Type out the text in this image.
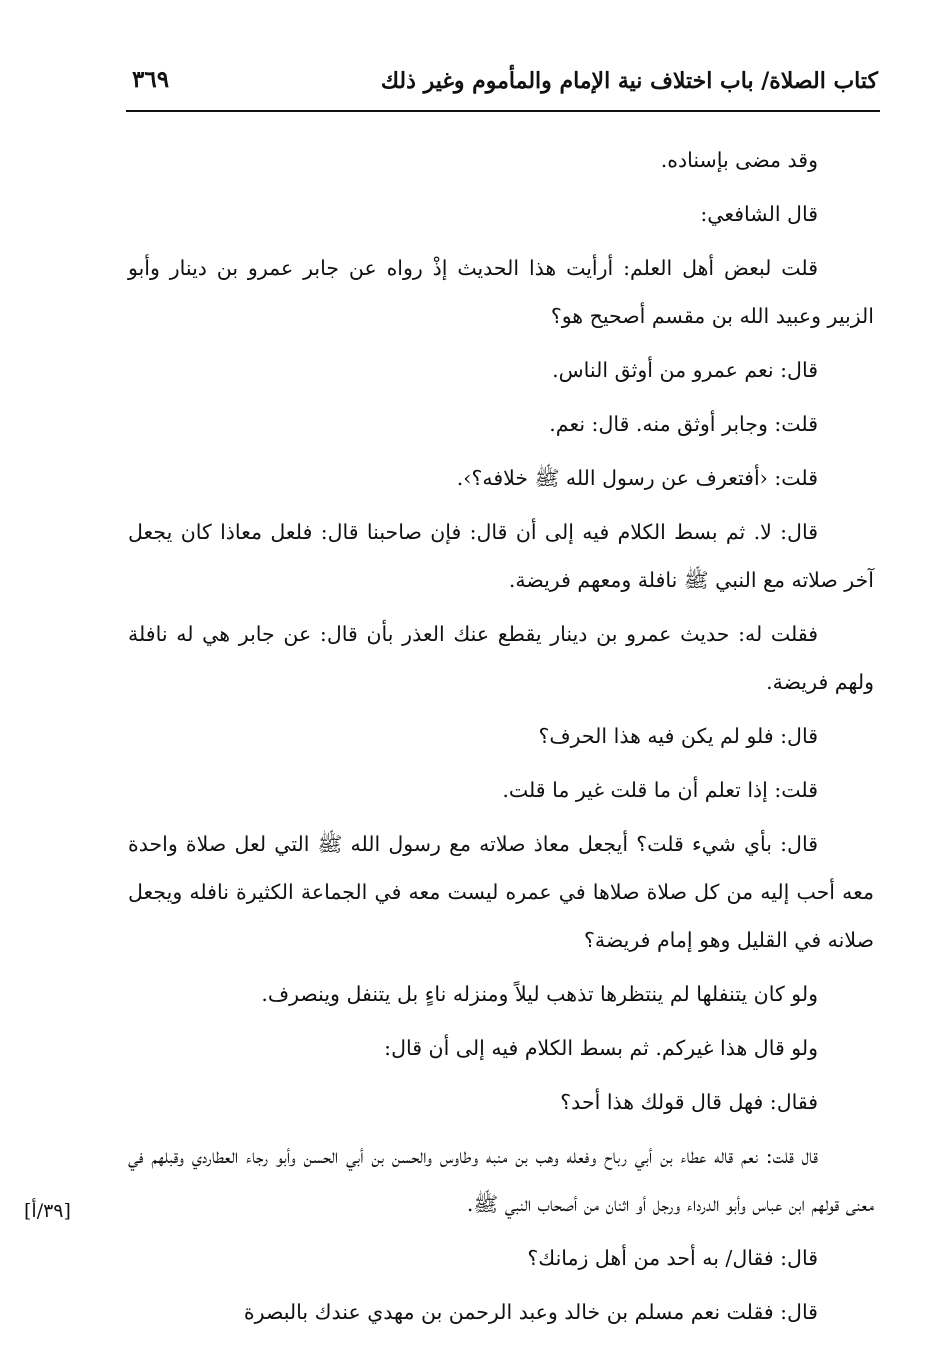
كتاب الصلاة/ باب اختلاف نية الإمام والمأموم وغير ذلك
٣٦٩

وقد مضى بإسناده.

قال الشافعي:

قلت لبعض أهل العلم: أرأيت هذا الحديث إذْ رواه عن جابر عمرو بن دينار وأبو الزبير وعبيد الله بن مقسم أصحيح هو؟

قال: نعم عمرو من أوثق الناس.

قلت: وجابر أوثق منه. قال: نعم.

قلت: ‹أفتعرف عن رسول الله ﷺ خلافه؟›.

قال: لا. ثم بسط الكلام فيه إلى أن قال: فإن صاحبنا قال: فلعل معاذا كان يجعل آخر صلاته مع النبي ﷺ نافلة ومعهم فريضة.

فقلت له: حديث عمرو بن دينار يقطع عنك العذر بأن قال: عن جابر هي له نافلة ولهم فريضة.

قال: فلو لم يكن فيه هذا الحرف؟

قلت: إذا تعلم أن ما قلت غير ما قلت.

قال: بأي شيء قلت؟ أيجعل معاذ صلاته مع رسول الله ﷺ التي لعل صلاة واحدة معه أحب إليه من كل صلاة صلاها في عمره ليست معه في الجماعة الكثيرة نافله ويجعل صلانه في القليل وهو إمام فريضة؟

ولو كان يتنفلها لم ينتظرها تذهب ليلاً ومنزله ناءٍ بل يتنفل وينصرف.

ولو قال هذا غيركم. ثم بسط الكلام فيه إلى أن قال:

فقال: فهل قال قولك هذا أحد؟

قال قلت: نعم قاله عطاء بن أبي رباح وفعله وهب بن منبه وطاوس والحسن بن أبي الحسن وأبو رجاء العطاردي وقبلهم في معنى قولهم ابن عباس وأبو الدرداء ورجل أو اثنان من أصحاب النبي ﷺ.

قال: فقال/ به أحد من أهل زمانك؟

قال: فقلت نعم مسلم بن خالد وعبد الرحمن بن مهدي عندك بالبصرة

[٣٩/أ]
